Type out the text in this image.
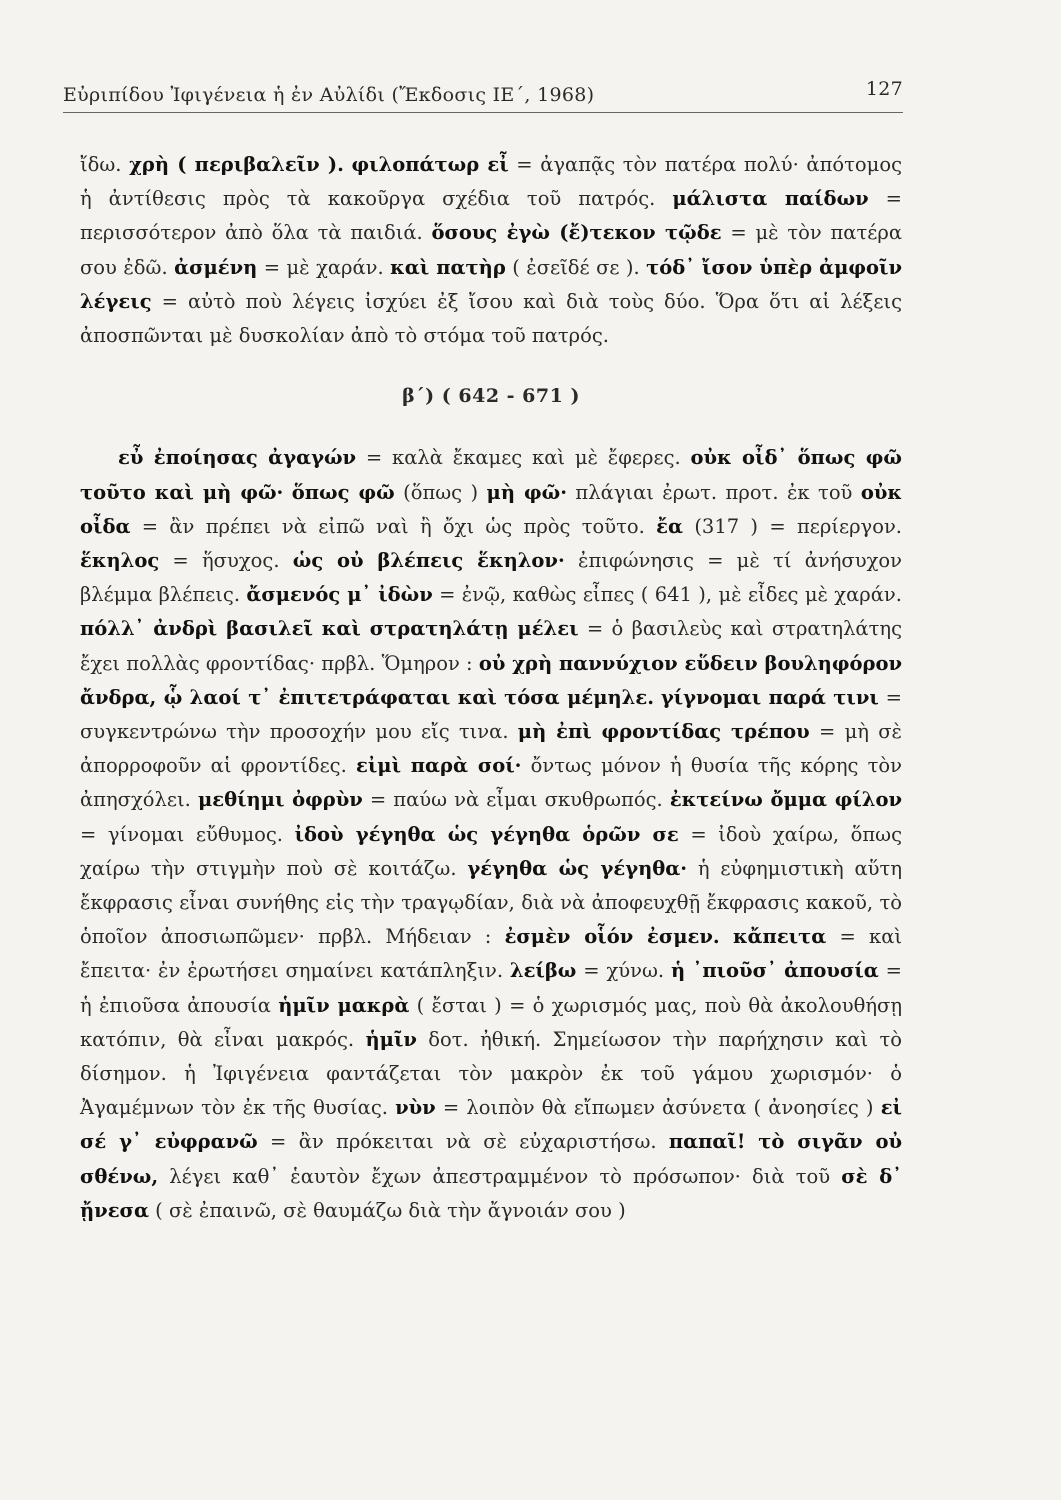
Εὐριπίδου Ἰφιγένεια ἡ ἐν Αὐλίδι (Ἔκδοσις ΙΕ΄, 1968)	127

ἴδω. χρὴ ( περιβαλεῖν ). φιλοπάτωρ εἶ = ἀγαπᾷς τὸν πατέρα πολύ· ἀπότομος ἡ ἀντίθεσις πρὸς τὰ κακοῦργα σχέδια τοῦ πατρός. μάλιστα παίδων = περισσότερον ἀπὸ ὅλα τὰ παιδιά. ὅσους ἐγὼ (ἔ)τεκον τῷδε = μὲ τὸν πατέρα σου ἐδῶ. ἀσμένη = μὲ χαράν. καὶ πατὴρ ( ἐσεῖδέ σε ). τόδ᾽ ἴσον ὑπὲρ ἀμφοῖν λέγεις = αὐτὸ ποὺ λέγεις ἰσχύει ἐξ ἴσου καὶ διὰ τοὺς δύο. Ὅρα ὅτι αἱ λέξεις ἀποσπῶνται μὲ δυσκολίαν ἀπὸ τὸ στόμα τοῦ πατρός.

β΄) ( 642 - 671 )

εὖ ἐποίησας ἀγαγών = καλὰ ἔκαμες καὶ μὲ ἔφερες. οὐκ οἶδ᾽ ὅπως φῶ τοῦτο καὶ μὴ φῶ· ὅπως φῶ (ὅπως ) μὴ φῶ· πλάγιαι ἐρωτ. προτ. ἐκ τοῦ οὐκ οἶδα = ἂν πρέπει νὰ εἰπῶ ναὶ ἢ ὄχι ὡς πρὸς τοῦτο. ἔα (317 ) = περίεργον. ἕκηλος = ἥσυχος. ὡς οὐ βλέπεις ἕκηλον· ἐπιφώνησις = μὲ τί ἀνήσυχον βλέμμα βλέπεις. ἄσμενός μ᾽ ἰδὼν = ἐνῷ, καθὼς εἶπες ( 641 ), μὲ εἶδες μὲ χαράν. πόλλ᾽ ἀνδρὶ βασιλεῖ καὶ στρατηλάτῃ μέλει = ὁ βασιλεὺς καὶ στρατηλάτης ἔχει πολλὰς φροντίδας· πρβλ. Ὅμηρον : οὐ χρὴ παννύχιον εὕδειν βουληφόρον ἄνδρα, ᾧ λαοί τ᾽ ἐπιτετράφαται καὶ τόσα μέμηλε. γίγνομαι παρά τινι = συγκεντρώνω τὴν προσοχήν μου εἴς τινα. μὴ ἐπὶ φροντίδας τρέπου = μὴ σὲ ἀπορροφοῦν αἱ φροντίδες. εἰμὶ παρὰ σοί· ὄντως μόνον ἡ θυσία τῆς κόρης τὸν ἀπησχόλει. μεθίημι ὀφρὺν = παύω νὰ εἶμαι σκυθρωπός. ἐκτείνω ὄμμα φίλον = γίνομαι εὔθυμος. ἰδοὺ γέγηθα ὡς γέγηθα ὁρῶν σε = ἰδοὺ χαίρω, ὅπως χαίρω τὴν στιγμὴν ποὺ σὲ κοιτάζω. γέγηθα ὡς γέγηθα· ἡ εὐφημιστικὴ αὕτη ἔκφρασις εἶναι συνήθης εἰς τὴν τραγῳδίαν, διὰ νὰ ἀποφευχθῇ ἔκφρασις κακοῦ, τὸ ὁποῖον ἀποσιωπῶμεν· πρβλ. Μήδειαν : ἐσμὲν οἷόν ἐσμεν. κἄπειτα = καὶ ἔπειτα· ἐν ἐρωτήσει σημαίνει κατάπληξιν. λείβω = χύνω. ἡ ᾽πιοῦσ᾽ ἀπουσία = ἡ ἐπιοῦσα ἀπουσία ἡμῖν μακρὰ ( ἔσται ) = ὁ χωρισμός μας, ποὺ θὰ ἀκολουθήσῃ κατόπιν, θὰ εἶναι μακρός. ἡμῖν δοτ. ἠθική. Σημείωσον τὴν παρήχησιν καὶ τὸ δίσημον. ἡ Ἰφιγένεια φαντάζεται τὸν μακρὸν ἐκ τοῦ γάμου χωρισμόν· ὁ Ἀγαμέμνων τὸν ἐκ τῆς θυσίας. νὺν = λοιπὸν θὰ εἴπωμεν ἀσύνετα ( ἀνοησίες ) εἰ σέ γ᾽ εὐφρανῶ = ἂν πρόκειται νὰ σὲ εὐχαριστήσω. παπαῖ! τὸ σιγᾶν οὐ σθένω, λέγει καθ᾽ ἑαυτὸν ἔχων ἀπεστραμμένον τὸ πρόσωπον· διὰ τοῦ σὲ δ᾽ ᾔνεσα ( σὲ ἐπαινῶ, σὲ θαυμάζω διὰ τὴν ἄγνοιάν σου )
